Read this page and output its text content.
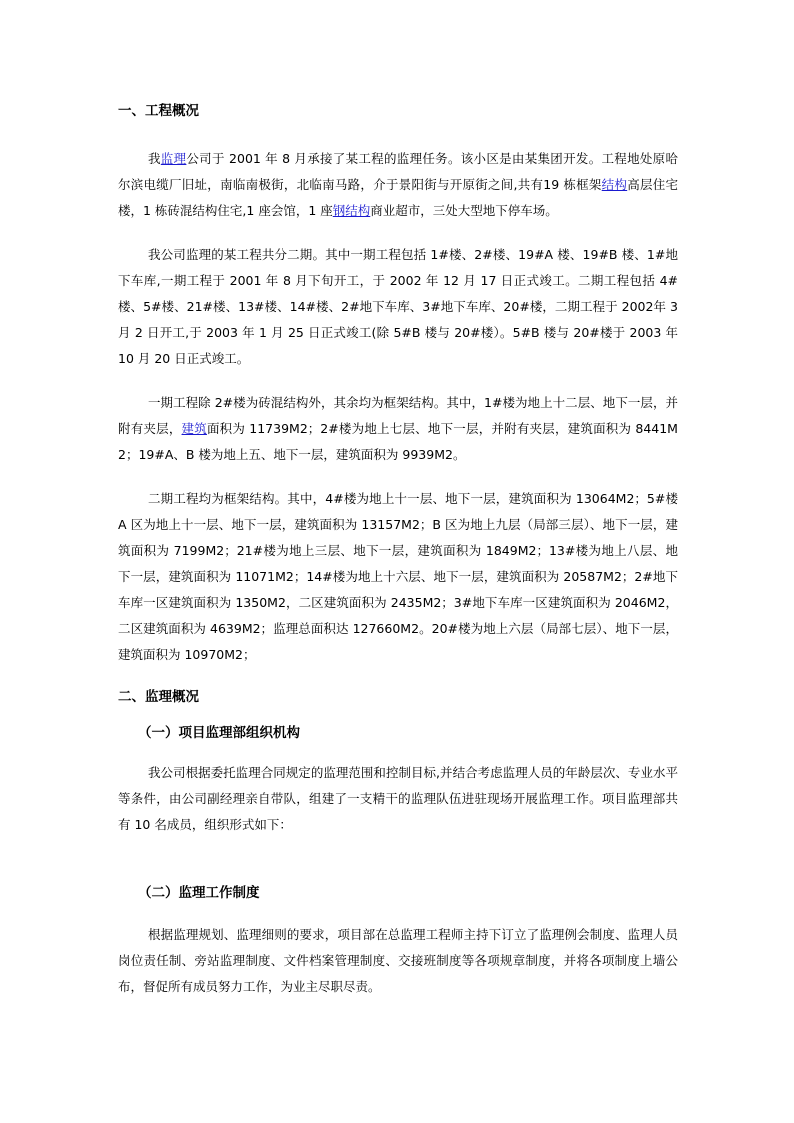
一、工程概况

我监理公司于 2001 年 8 月承接了某工程的监理任务。该小区是由某集团开发。工程地处原哈尔滨电缆厂旧址，南临南极街，北临南马路，介于景阳街与开原街之间,共有19 栋框架结构高层住宅楼，1 栋砖混结构住宅,1 座会馆，1 座钢结构商业超市，三处大型地下停车场。

我公司监理的某工程共分二期。其中一期工程包括 1#楼、2#楼、19#A 楼、19#B 楼、1#地下车库,一期工程于 2001 年 8 月下旬开工，于 2002 年 12 月 17 日正式竣工。二期工程包括 4#楼、5#楼、21#楼、13#楼、14#楼、2#地下车库、3#地下车库、20#楼，二期工程于 2002年 3 月 2 日开工,于 2003 年 1 月 25 日正式竣工(除 5#B 楼与 20#楼）。5#B 楼与 20#楼于 2003 年 10 月 20 日正式竣工。

一期工程除 2#楼为砖混结构外，其余均为框架结构。其中，1#楼为地上十二层、地下一层，并附有夹层，建筑面积为 11739M2；2#楼为地上七层、地下一层，并附有夹层，建筑面积为 8441M2；19#A、B 楼为地上五、地下一层，建筑面积为 9939M2。

二期工程均为框架结构。其中，4#楼为地上十一层、地下一层，建筑面积为 13064M2；5#楼 A 区为地上十一层、地下一层，建筑面积为 13157M2；B 区为地上九层（局部三层）、地下一层，建筑面积为 7199M2；21#楼为地上三层、地下一层，建筑面积为 1849M2；13#楼为地上八层、地下一层，建筑面积为 11071M2；14#楼为地上十六层、地下一层，建筑面积为 20587M2；2#地下车库一区建筑面积为 1350M2，二区建筑面积为 2435M2；3#地下车库一区建筑面积为 2046M2，二区建筑面积为 4639M2；监理总面积达 127660M2。20#楼为地上六层（局部七层）、地下一层，建筑面积为 10970M2；

二、监理概况
（一）项目监理部组织机构

我公司根据委托监理合同规定的监理范围和控制目标,并结合考虑监理人员的年龄层次、专业水平等条件，由公司副经理亲自带队，组建了一支精干的监理队伍进驻现场开展监理工作。项目监理部共有 10 名成员，组织形式如下：

（二）监理工作制度

根据监理规划、监理细则的要求，项目部在总监理工程师主持下订立了监理例会制度、监理人员岗位责任制、旁站监理制度、文件档案管理制度、交接班制度等各项规章制度，并将各项制度上墙公布，督促所有成员努力工作，为业主尽职尽责。
